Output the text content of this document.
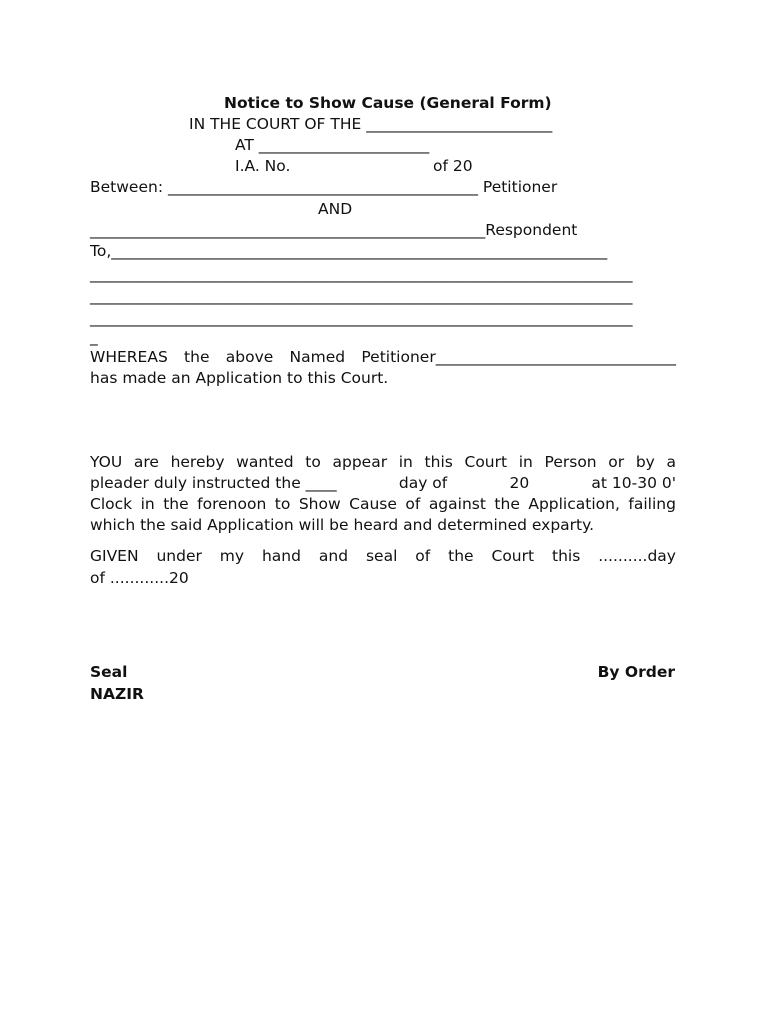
Notice to Show Cause (General Form)
IN THE COURT OF THE ________________________
AT ______________________
I.A. No.	of 20
Between: ________________________________________ Petitioner
AND
___________________________________________________Respondent
To,________________________________________________________________
______________________________________________________________________
______________________________________________________________________
______________________________________________________________________
_
WHEREAS the above Named Petitioner_______________________________
has made an Application to this Court.
YOU are hereby wanted to appear in this Court in Person or by a
pleader duly instructed the ____	day of	20	at 10-30 0'
Clock in the forenoon to Show Cause of against the Application, failing
which the said Application will be heard and determined exparty.
GIVEN under my hand and seal of the Court this ..........day
of ............20
Seal	By Order
NAZIR
